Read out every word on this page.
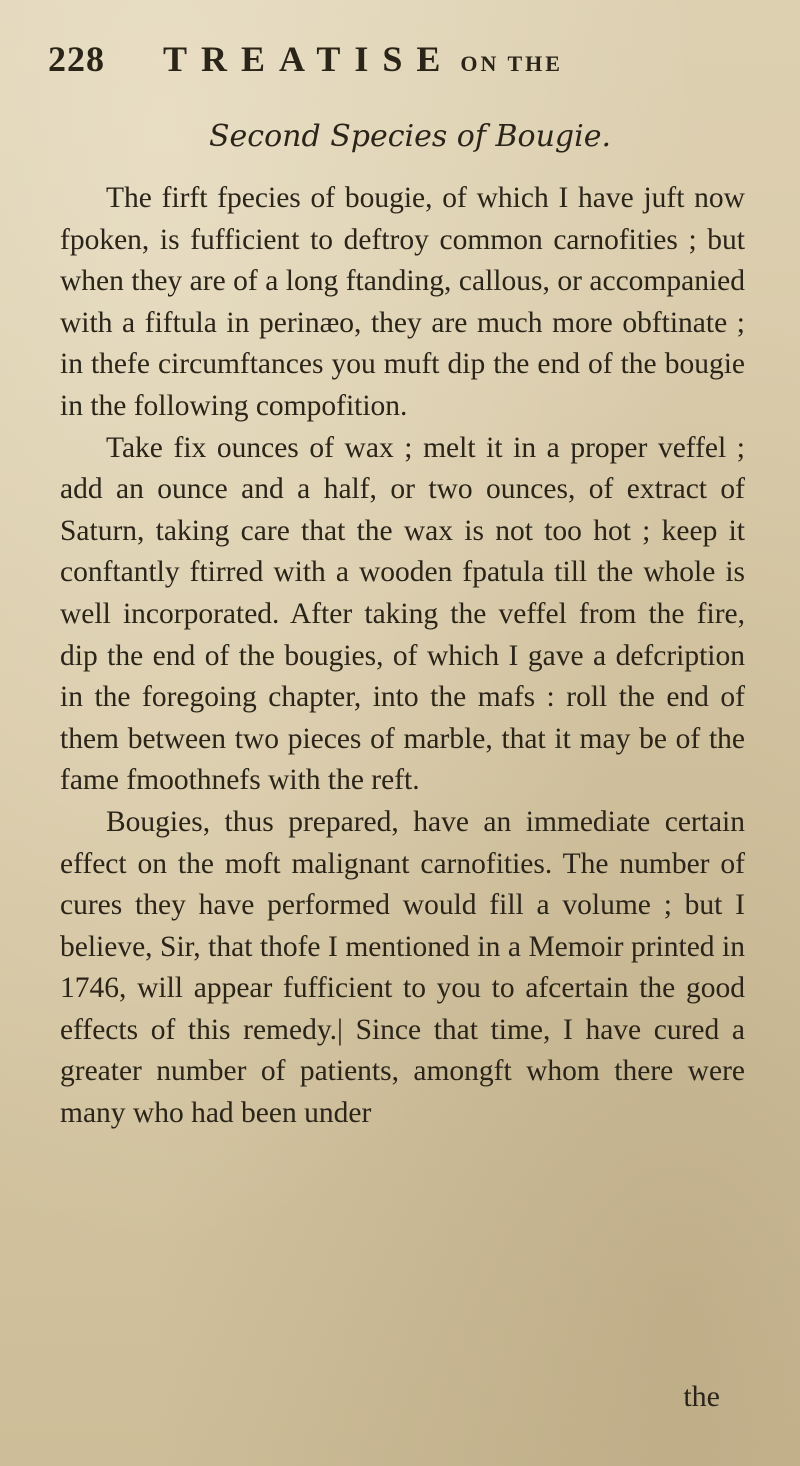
228 TREATISE ON THE
Second Species of Bougie.

The firft fpecies of bougie, of which I have juft now fpoken, is fufficient to deftroy common carnofities ; but when they are of a long ftanding, callous, or accompanied with a fiftula in perinæo, they are much more obftinate ; in thefe circumftances you muft dip the end of the bougie in the following compofition.

Take fix ounces of wax ; melt it in a proper veffel ; add an ounce and a half, or two ounces, of extract of Saturn, taking care that the wax is not too hot ; keep it conftantly ftirred with a wooden fpatula till the whole is well incorporated. After taking the veffel from the fire, dip the end of the bougies, of which I gave a defcription in the foregoing chapter, into the mafs : roll the end of them between two pieces of marble, that it may be of the fame fmoothnefs with the reft.

Bougies, thus prepared, have an immediate certain effect on the moft malignant carnofities. The number of cures they have performed would fill a volume ; but I believe, Sir, that thofe I mentioned in a Memoir printed in 1746, will appear fufficient to you to afcertain the good effects of this remedy.| Since that time, I have cured a greater number of patients, amongft whom there were many who had been under

the
